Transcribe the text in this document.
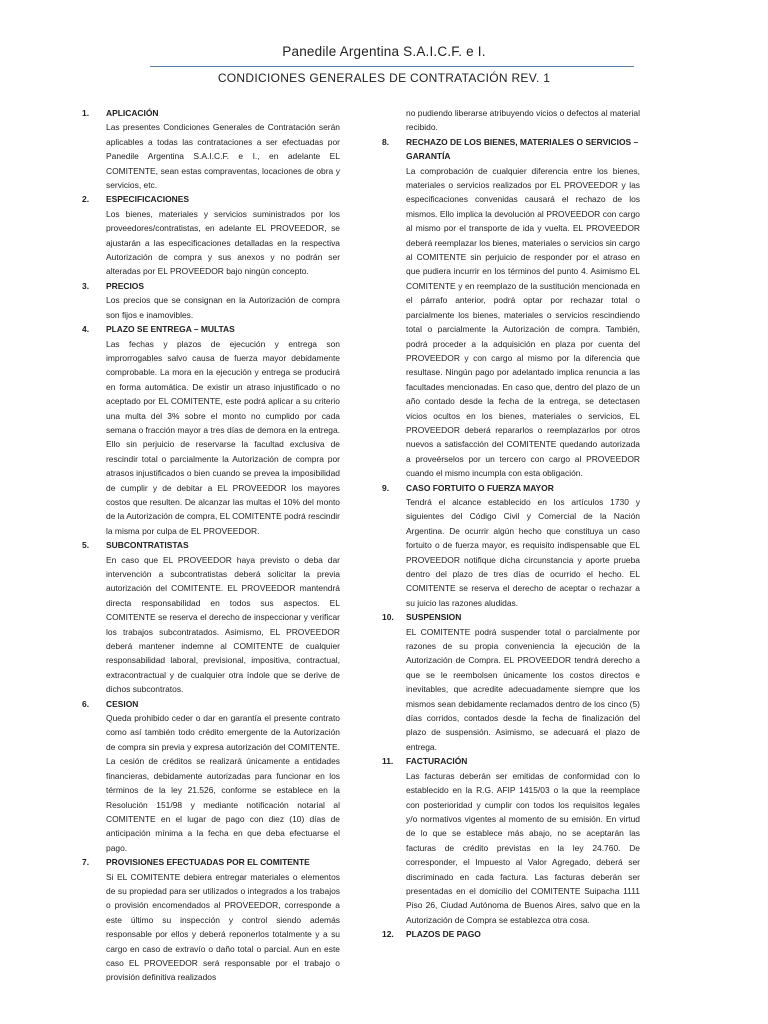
Panedile Argentina S.A.I.C.F. e I.
CONDICIONES GENERALES DE CONTRATACIÓN REV. 1
1. APLICACIÓN
Las presentes Condiciones Generales de Contratación serán aplicables a todas las contrataciones a ser efectuadas por Panedile Argentina S.A.I.C.F. e I., en adelante EL COMITENTE, sean estas compraventas, locaciones de obra y servicios, etc.
2. ESPECIFICACIONES
Los bienes, materiales y servicios suministrados por los proveedores/contratistas, en adelante EL PROVEEDOR, se ajustarán a las especificaciones detalladas en la respectiva Autorización de compra y sus anexos y no podrán ser alteradas por EL PROVEEDOR bajo ningún concepto.
3. PRECIOS
Los precios que se consignan en la Autorización de compra son fijos e inamovibles.
4. PLAZO SE ENTREGA – MULTAS
Las fechas y plazos de ejecución y entrega son improrrogables salvo causa de fuerza mayor debidamente comprobable. La mora en la ejecución y entrega se producirá en forma automática. De existir un atraso injustificado o no aceptado por EL COMITENTE, este podrá aplicar a su criterio una multa del 3% sobre el monto no cumplido por cada semana o fracción mayor a tres días de demora en la entrega. Ello sin perjuicio de reservarse la facultad exclusiva de rescindir total o parcialmente la Autorización de compra por atrasos injustificados o bien cuando se prevea la imposibilidad de cumplir y de debitar a EL PROVEEDOR los mayores costos que resulten. De alcanzar las multas el 10% del monto de la Autorización de compra, EL COMITENTE podrá rescindir la misma por culpa de EL PROVEEDOR.
5. SUBCONTRATISTAS
En caso que EL PROVEEDOR haya previsto o deba dar intervención a subcontratistas deberá solicitar la previa autorización del COMITENTE. EL PROVEEDOR mantendrá directa responsabilidad en todos sus aspectos. EL COMITENTE se reserva el derecho de inspeccionar y verificar los trabajos subcontratados. Asimismo, EL PROVEEDOR deberá mantener indemne al COMITENTE de cualquier responsabilidad laboral, previsional, impositiva, contractual, extracontractual y de cualquier otra índole que se derive de dichos subcontratos.
6. CESION
Queda prohibido ceder o dar en garantía el presente contrato como así también todo crédito emergente de la Autorización de compra sin previa y expresa autorización del COMITENTE. La cesión de créditos se realizará únicamente a entidades financieras, debidamente autorizadas para funcionar en los términos de la ley 21.526, conforme se establece en la Resolución 151/98 y mediante notificación notarial al COMITENTE en el lugar de pago con diez (10) días de anticipación mínima a la fecha en que deba efectuarse el pago.
7. PROVISIONES EFECTUADAS POR EL COMITENTE
Si EL COMITENTE debiera entregar materiales o elementos de su propiedad para ser utilizados o integrados a los trabajos o provisión encomendados al PROVEEDOR, corresponde a este último su inspección y control siendo además responsable por ellos y deberá reponerlos totalmente y a su cargo en caso de extravío o daño total o parcial. Aun en este caso EL PROVEEDOR será responsable por el trabajo o provisión definitiva realizados
no pudiendo liberarse atribuyendo vicios o defectos al material recibido.
8. RECHAZO DE LOS BIENES, MATERIALES O SERVICIOS – GARANTÍA
La comprobación de cualquier diferencia entre los bienes, materiales o servicios realizados por EL PROVEEDOR y las especificaciones convenidas causará el rechazo de los mismos. Ello implica la devolución al PROVEEDOR con cargo al mismo por el transporte de ida y vuelta. EL PROVEEDOR deberá reemplazar los bienes, materiales o servicios sin cargo al COMITENTE sin perjuicio de responder por el atraso en que pudiera incurrir en los términos del punto 4. Asimismo EL COMITENTE y en reemplazo de la sustitución mencionada en el párrafo anterior, podrá optar por rechazar total o parcialmente los bienes, materiales o servicios rescindiendo total o parcialmente la Autorización de compra. También, podrá proceder a la adquisición en plaza por cuenta del PROVEEDOR y con cargo al mismo por la diferencia que resultase. Ningún pago por adelantado implica renuncia a las facultades mencionadas. En caso que, dentro del plazo de un año contado desde la fecha de la entrega, se detectasen vicios ocultos en los bienes, materiales o servicios, EL PROVEEDOR deberá repararlos o reemplazarlos por otros nuevos a satisfacción del COMITENTE quedando autorizada a proveérselos por un tercero con cargo al PROVEEDOR cuando el mismo incumpla con esta obligación.
9. CASO FORTUITO O FUERZA MAYOR
Tendrá el alcance establecido en los artículos 1730 y siguientes del Código Civil y Comercial de la Nación Argentina. De ocurrir algún hecho que constituya un caso fortuito o de fuerza mayor, es requisito indispensable que EL PROVEEDOR notifique dicha circunstancia y aporte prueba dentro del plazo de tres días de ocurrido el hecho. EL COMITENTE se reserva el derecho de aceptar o rechazar a su juicio las razones aludidas.
10. SUSPENSION
EL COMITENTE podrá suspender total o parcialmente por razones de su propia conveniencia la ejecución de la Autorización de Compra. EL PROVEEDOR tendrá derecho a que se le reembolsen únicamente los costos directos e inevitables, que acredite adecuadamente siempre que los mismos sean debidamente reclamados dentro de los cinco (5) días corridos, contados desde la fecha de finalización del plazo de suspensión. Asimismo, se adecuará el plazo de entrega.
11. FACTURACIÓN
Las facturas deberán ser emitidas de conformidad con lo establecido en la R.G. AFIP 1415/03 o la que la reemplace con posterioridad y cumplir con todos los requisitos legales y/o normativos vigentes al momento de su emisión. En virtud de lo que se establece más abajo, no se aceptarán las facturas de crédito previstas en la ley 24.760. De corresponder, el Impuesto al Valor Agregado, deberá ser discriminado en cada factura. Las facturas deberán ser presentadas en el domicilio del COMITENTE Suipacha 1111 Piso 26, Ciudad Autónoma de Buenos Aires, salvo que en la Autorización de Compra se establezca otra cosa.
12. PLAZOS DE PAGO
